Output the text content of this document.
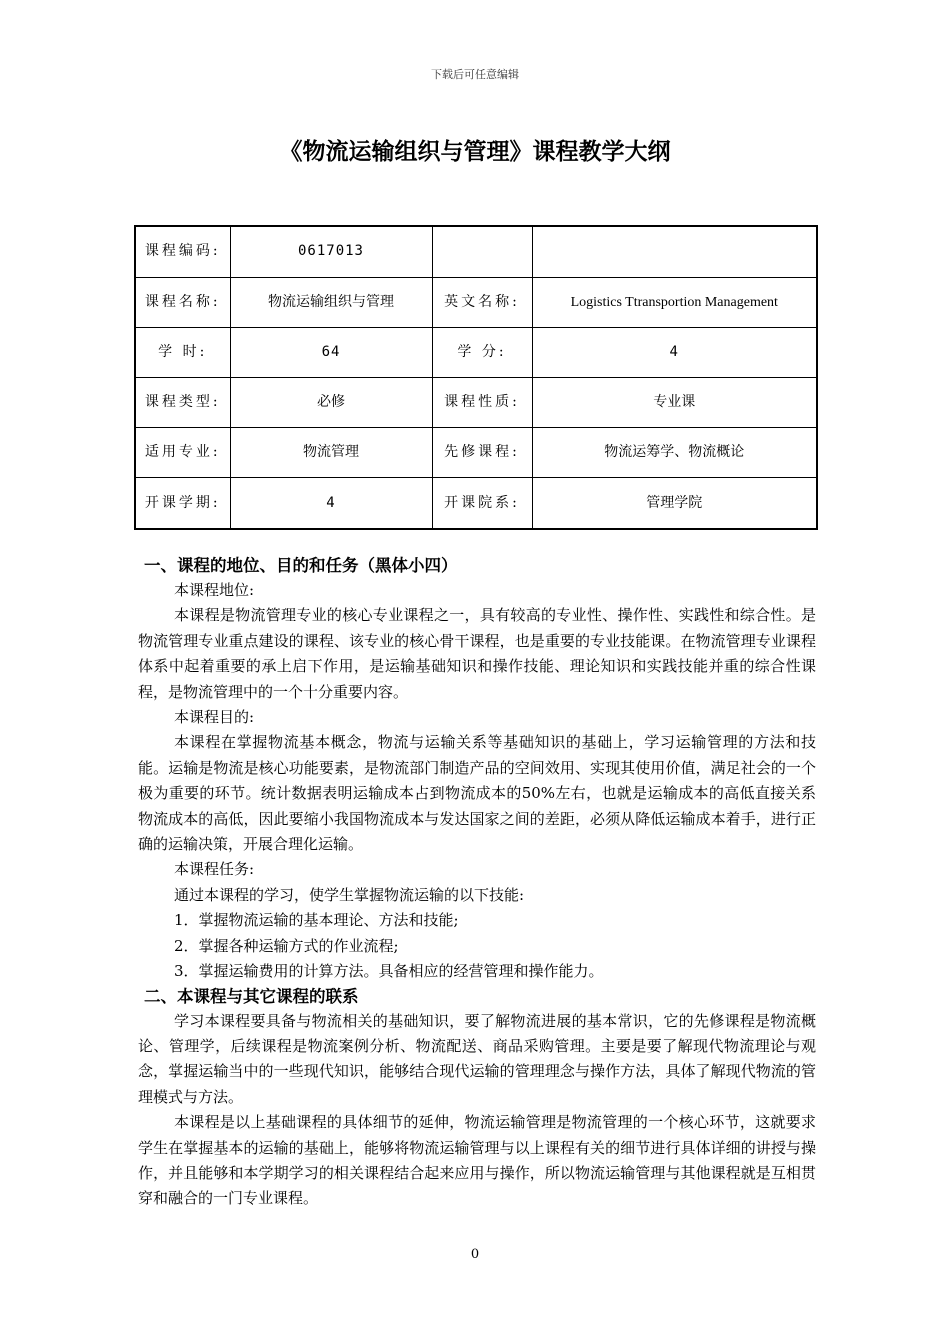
下载后可任意编辑
《物流运输组织与管理》课程教学大纲
课程编码:	0617013		
课程名称:	物流运输组织与管理	英文名称:	Logistics Ttransportion Management
学 时:	64	学 分:	4
课程类型:	必修	课程性质:	专业课
适用专业:	物流管理	先修课程:	物流运筹学、物流概论
开课学期:	4	开课院系:	管理学院
一、课程的地位、目的和任务（黑体小四）

本课程地位:

本课程是物流管理专业的核心专业课程之一，具有较高的专业性、操作性、实践性和综合性。是物流管理专业重点建设的课程、该专业的核心骨干课程，也是重要的专业技能课。在物流管理专业课程体系中起着重要的承上启下作用，是运输基础知识和操作技能、理论知识和实践技能并重的综合性课程，是物流管理中的一个十分重要内容。

本课程目的:

本课程在掌握物流基本概念，物流与运输关系等基础知识的基础上，学习运输管理的方法和技能。运输是物流是核心功能要素，是物流部门制造产品的空间效用、实现其使用价值，满足社会的一个极为重要的环节。统计数据表明运输成本占到物流成本的50%左右，也就是运输成本的高低直接关系物流成本的高低，因此要缩小我国物流成本与发达国家之间的差距，必须从降低运输成本着手，进行正确的运输决策，开展合理化运输。

本课程任务:

通过本课程的学习，使学生掌握物流运输的以下技能:

1．掌握物流运输的基本理论、方法和技能;

2．掌握各种运输方式的作业流程;

3．掌握运输费用的计算方法。具备相应的经营管理和操作能力。

二、本课程与其它课程的联系

学习本课程要具备与物流相关的基础知识，要了解物流进展的基本常识，它的先修课程是物流概论、管理学，后续课程是物流案例分析、物流配送、商品采购管理。主要是要了解现代物流理论与观念，掌握运输当中的一些现代知识，能够结合现代运输的管理理念与操作方法，具体了解现代物流的管理模式与方法。

本课程是以上基础课程的具体细节的延伸，物流运输管理是物流管理的一个核心环节，这就要求学生在掌握基本的运输的基础上，能够将物流运输管理与以上课程有关的细节进行具体详细的讲授与操作，并且能够和本学期学习的相关课程结合起来应用与操作，所以物流运输管理与其他课程就是互相贯穿和融合的一门专业课程。

0
